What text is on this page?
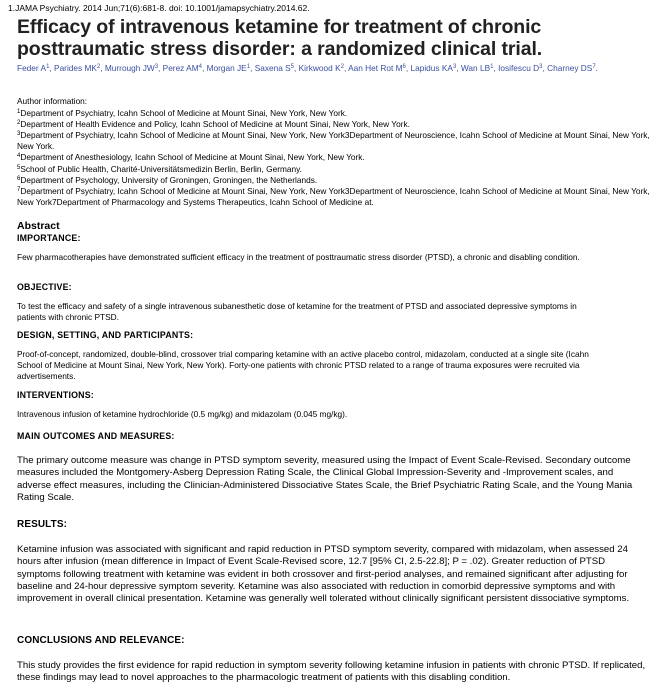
1.JAMA Psychiatry. 2014 Jun;71(6):681-8. doi: 10.1001/jamapsychiatry.2014.62.
Efficacy of intravenous ketamine for treatment of chronic posttraumatic stress disorder: a randomized clinical trial.
Feder $A^1$, Parides $MK^2$, Murrough $JW^3$, Perez $AM^4$, Morgan $JE^1$, Saxena $S^5$, Kirkwood $K^2$, Aan Het Rot $M^6$, Lapidus $KA^3$, Wan $LB^1$, Iosifescu $D^3$, Charney $DS^7$.
Author information:
$^1$Department of Psychiatry, Icahn School of Medicine at Mount Sinai, New York, New York.
$^2$Department of Health Evidence and Policy, Icahn School of Medicine at Mount Sinai, New York, New York.
$^3$Department of Psychiatry, Icahn School of Medicine at Mount Sinai, New York, New York3Department of Neuroscience, Icahn School of Medicine at Mount Sinai, New York, New York.
$^4$Department of Anesthesiology, Icahn School of Medicine at Mount Sinai, New York, New York.
$^5$School of Public Health, Charité-Universitätsmedizin Berlin, Berlin, Germany.
$^6$Department of Psychology, University of Groningen, Groningen, the Netherlands.
$^7$Department of Psychiatry, Icahn School of Medicine at Mount Sinai, New York, New York3Department of Neuroscience, Icahn School of Medicine at Mount Sinai, New York, New York7Department of Pharmacology and Systems Therapeutics, Icahn School of Medicine at.
Abstract
IMPORTANCE:
Few pharmacotherapies have demonstrated sufficient efficacy in the treatment of posttraumatic stress disorder (PTSD), a chronic and disabling condition.
OBJECTIVE:
To test the efficacy and safety of a single intravenous subanesthetic dose of ketamine for the treatment of PTSD and associated depressive symptoms in patients with chronic PTSD.
DESIGN, SETTING, AND PARTICIPANTS:
Proof-of-concept, randomized, double-blind, crossover trial comparing ketamine with an active placebo control, midazolam, conducted at a single site (Icahn School of Medicine at Mount Sinai, New York, New York). Forty-one patients with chronic PTSD related to a range of trauma exposures were recruited via advertisements.
INTERVENTIONS:
Intravenous infusion of ketamine hydrochloride (0.5 mg/kg) and midazolam (0.045 mg/kg).
MAIN OUTCOMES AND MEASURES:
The primary outcome measure was change in PTSD symptom severity, measured using the Impact of Event Scale-Revised. Secondary outcome measures included the Montgomery-Asberg Depression Rating Scale, the Clinical Global Impression-Severity and -Improvement scales, and adverse effect measures, including the Clinician-Administered Dissociative States Scale, the Brief Psychiatric Rating Scale, and the Young Mania Rating Scale.
RESULTS:
Ketamine infusion was associated with significant and rapid reduction in PTSD symptom severity, compared with midazolam, when assessed 24 hours after infusion (mean difference in Impact of Event Scale-Revised score, 12.7 [95% CI, 2.5-22.8]; P = .02). Greater reduction of PTSD symptoms following treatment with ketamine was evident in both crossover and first-period analyses, and remained significant after adjusting for baseline and 24-hour depressive symptom severity. Ketamine was also associated with reduction in comorbid depressive symptoms and with improvement in overall clinical presentation. Ketamine was generally well tolerated without clinically significant persistent dissociative symptoms.
CONCLUSIONS AND RELEVANCE:
This study provides the first evidence for rapid reduction in symptom severity following ketamine infusion in patients with chronic PTSD. If replicated, these findings may lead to novel approaches to the pharmacologic treatment of patients with this disabling condition.
